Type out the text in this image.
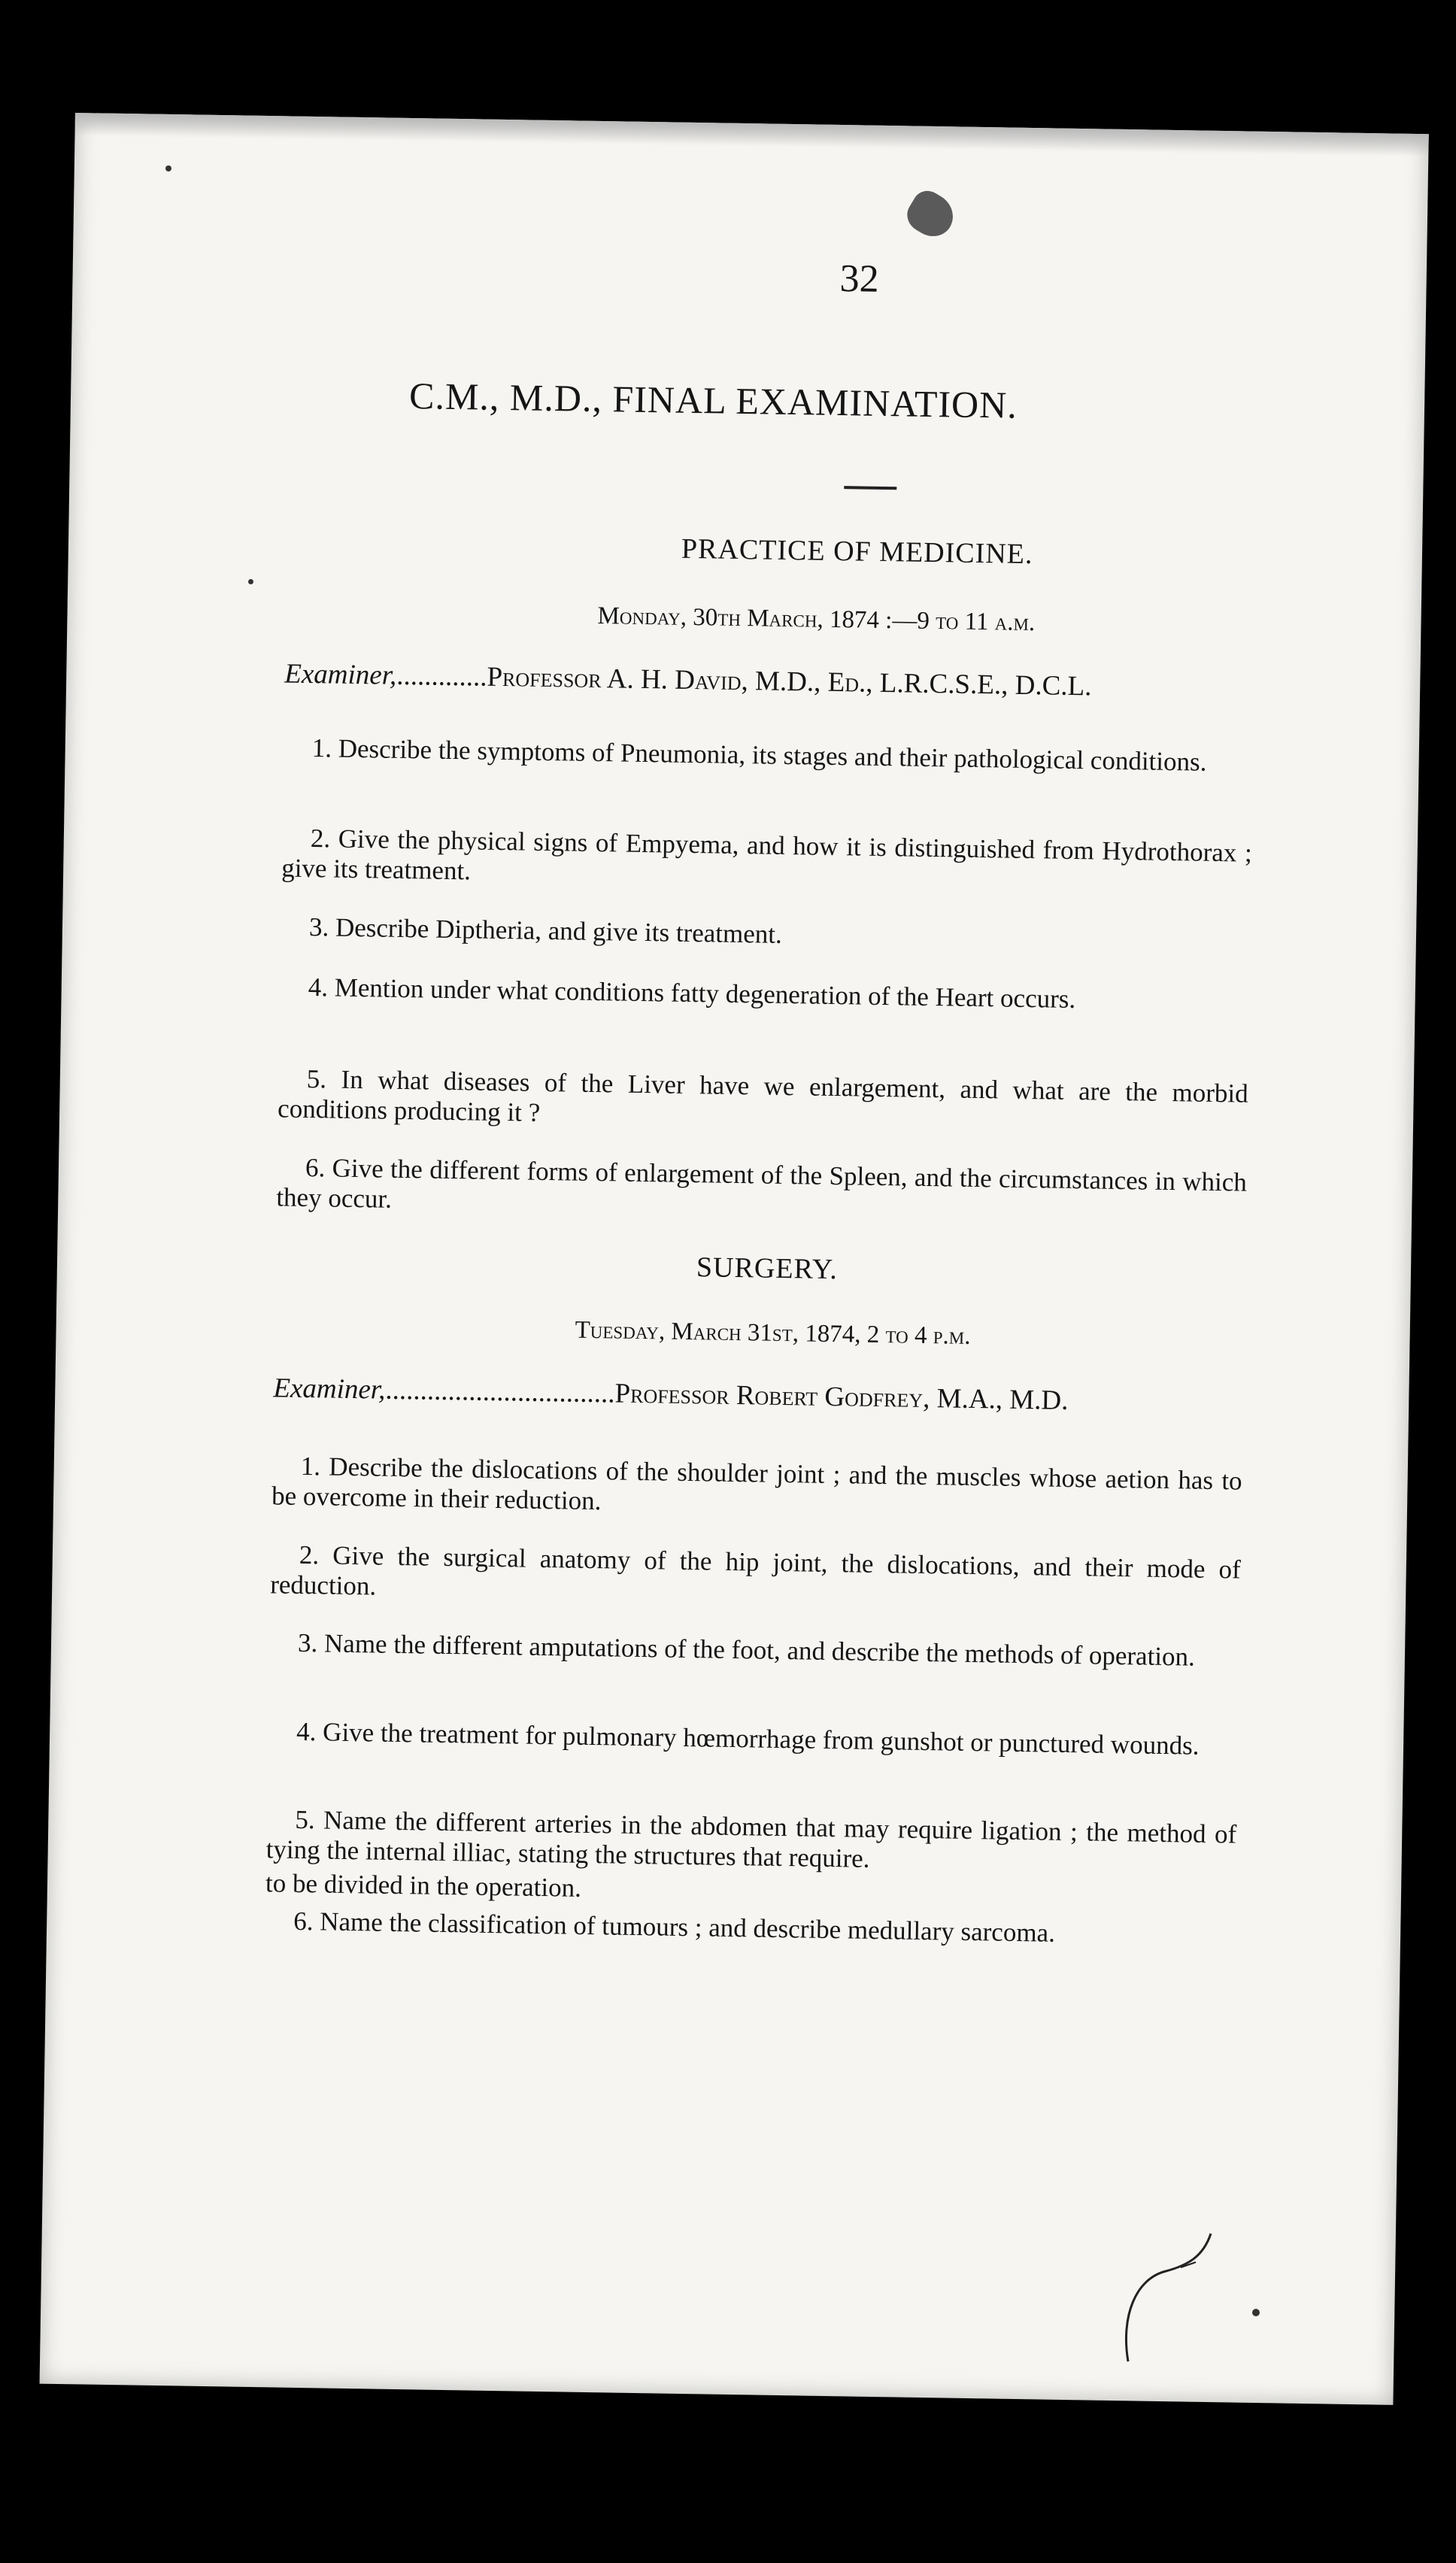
32
C.M., M.D., FINAL EXAMINATION.
PRACTICE OF MEDICINE.
Monday, 30th March, 1874 :—9 to 11 a.m.
Examiner,.............Professor A. H. David, M.D., Ed., L.R.C.S.E., D.C.L.
1. Describe the symptoms of Pneumonia, its stages and their pathological conditions.
2. Give the physical signs of Empyema, and how it is distinguished from Hydrothorax ; give its treatment.
3. Describe Diptheria, and give its treatment.
4. Mention under what conditions fatty degeneration of the Heart occurs.
5. In what diseases of the Liver have we enlargement, and what are the morbid conditions producing it ?
6. Give the different forms of enlargement of the Spleen, and the circumstances in which they occur.
SURGERY.
Tuesday, March 31st, 1874, 2 to 4 p.m.
Examiner,.................................Professor Robert Godfrey, M.A., M.D.
1. Describe the dislocations of the shoulder joint ; and the muscles whose aetion has to be overcome in their reduction.
2. Give the surgical anatomy of the hip joint, the dislocations, and their mode of reduction.
3. Name the different amputations of the foot, and describe the methods of operation.
4. Give the treatment for pulmonary hœmorrhage from gunshot or punctured wounds.
5. Name the different arteries in the abdomen that may require ligation ; the method of tying the internal illiac, stating the structures that require.
to be divided in the operation.
6. Name the classification of tumours ; and describe medullary sarcoma.
